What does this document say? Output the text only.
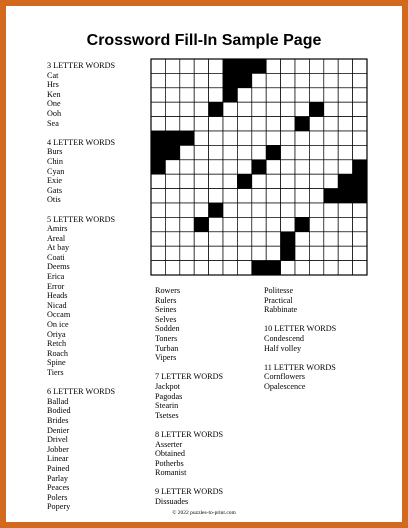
Crossword Fill-In Sample Page
3 LETTER WORDS
Cat
Hrs
Ken
One
Ooh
Sea
4 LETTER WORDS
Burs
Chin
Cyan
Exie
Gats
Otis
5 LETTER WORDS
Amirs
Areal
At bay
Coati
Deems
Erica
Error
Heads
Nicad
Occam
On ice
Oriya
Retch
Roach
Spine
Tiers
6 LETTER WORDS
Ballad
Bodied
Brides
Denier
Drivel
Jobber
Linear
Pained
Parlay
Peaces
Polers
Popery
Rowers
Rulers
Seines
Selves
Sodden
Toners
Turban
Vipers
7 LETTER WORDS
Jackpot
Pagodas
Stearin
Tsetses
8 LETTER WORDS
Asserter
Obtained
Potherbs
Romanist
9 LETTER WORDS
Dissuades
Politesse
Practical
Rabbinate
10 LETTER WORDS
Condescend
Half volley
11 LETTER WORDS
Cornflowers
Opalescence
© 2022 puzzles-to-print.com
